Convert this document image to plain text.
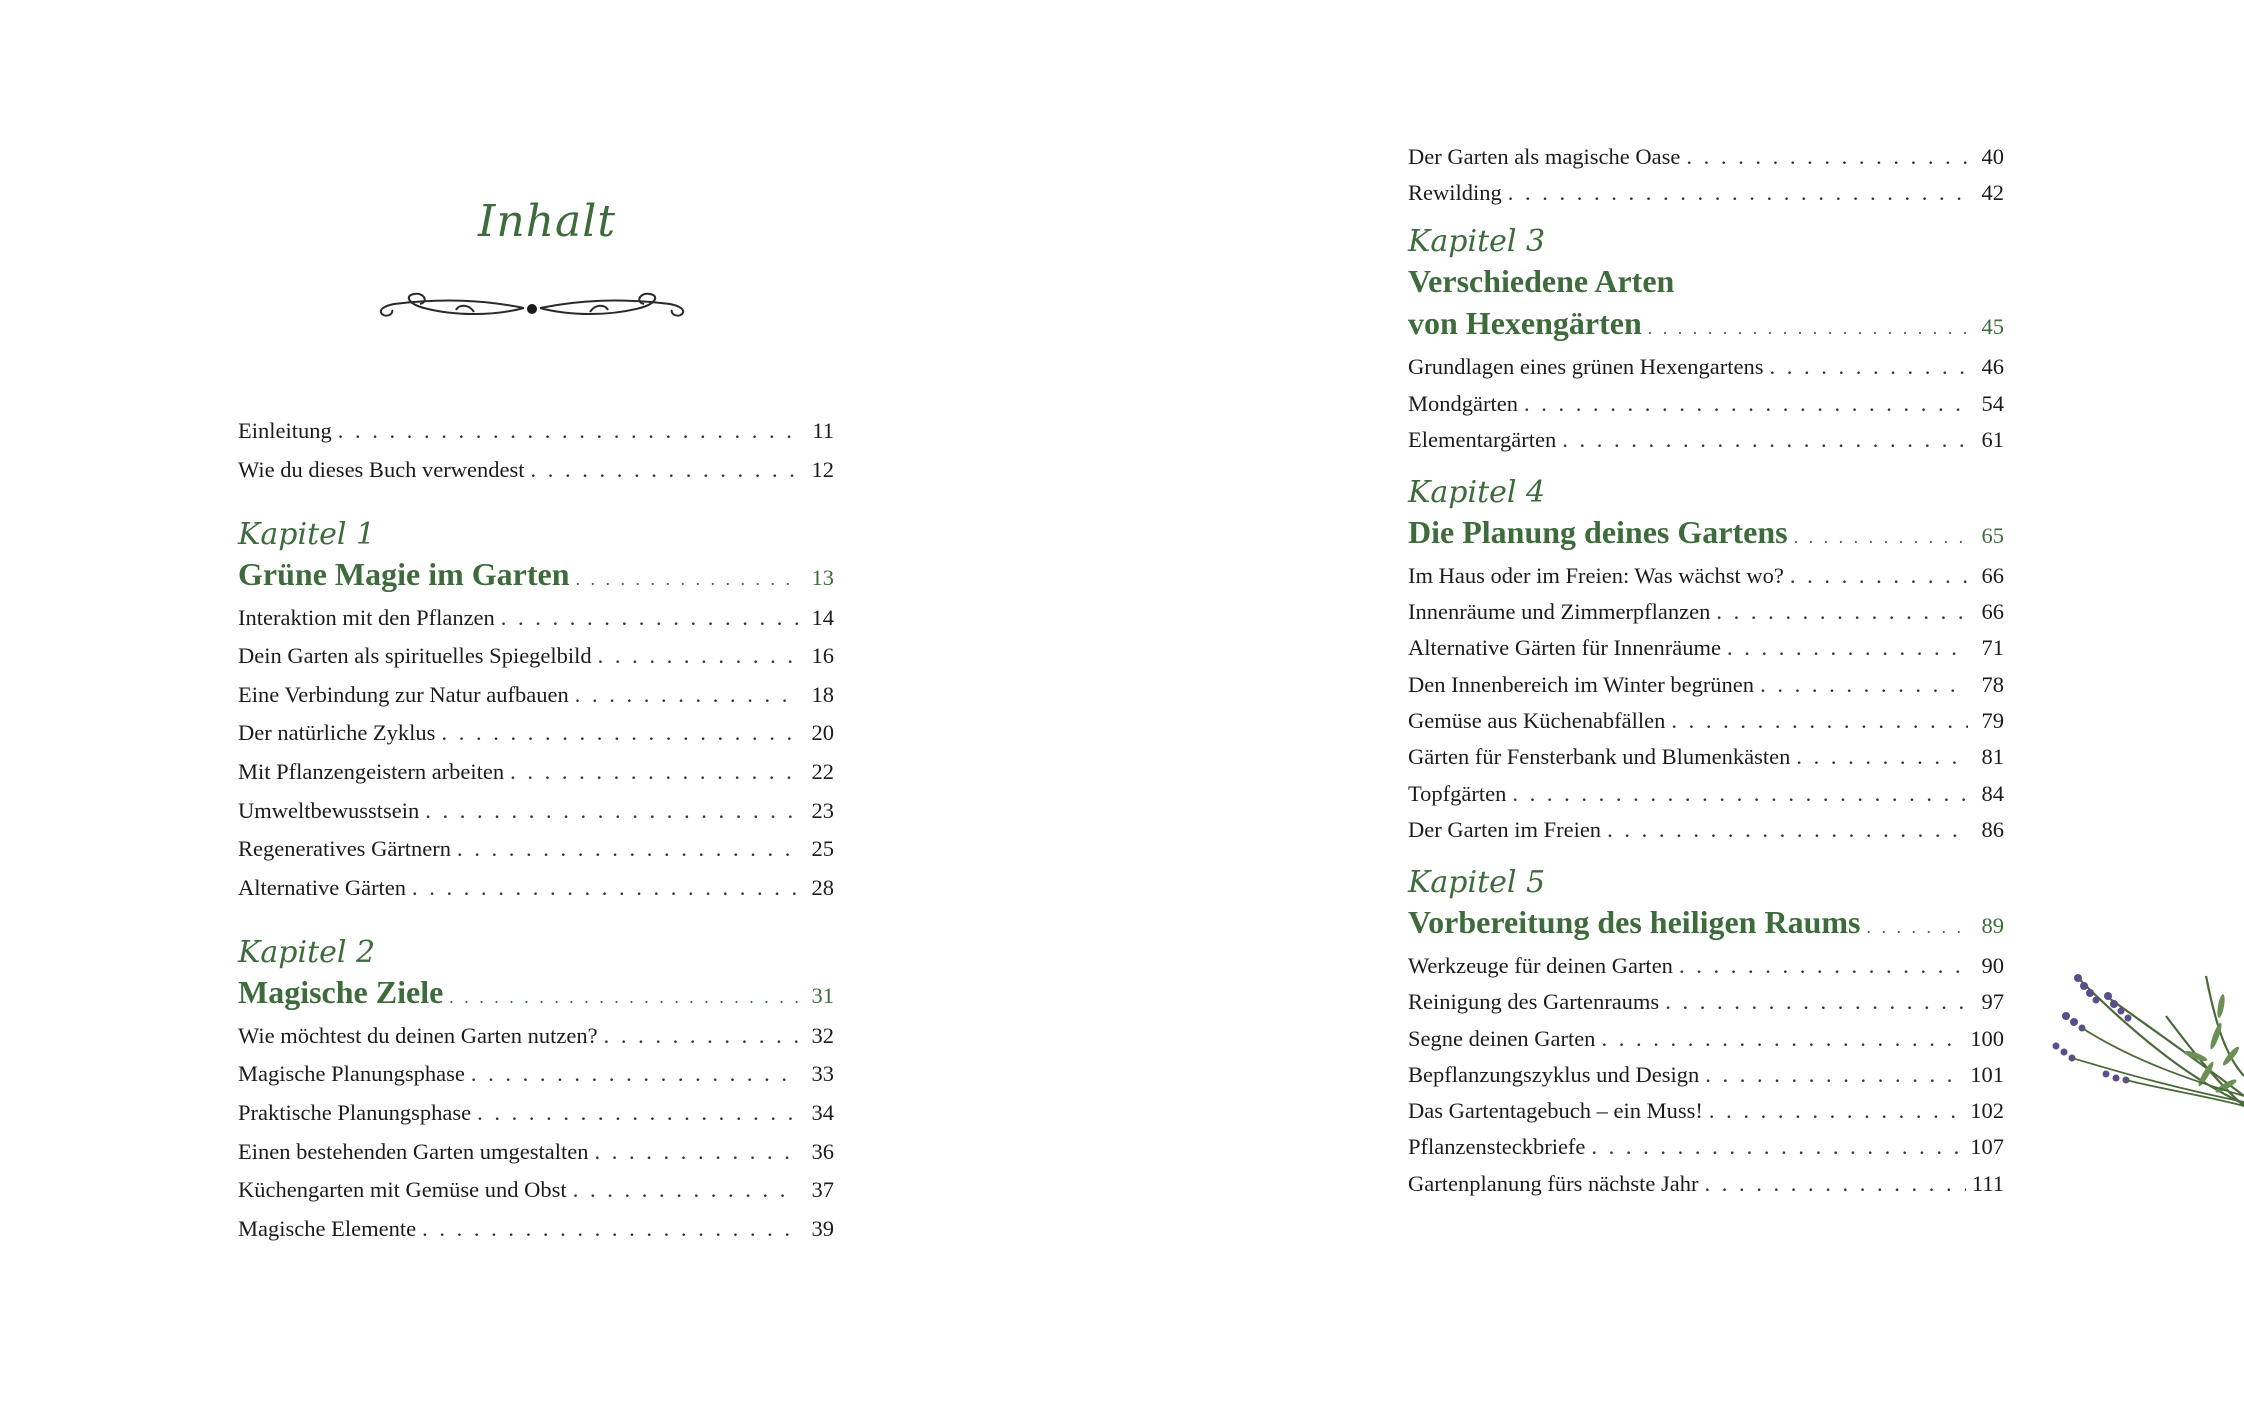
Inhalt
Einleitung . . .	11
Wie du dieses Buch verwendest . . .	12
Kapitel 1
Grüne Magie im Garten . . .	13
Interaktion mit den Pflanzen . . .	14
Dein Garten als spirituelles Spiegelbild . . .	16
Eine Verbindung zur Natur aufbauen . . .	18
Der natürliche Zyklus . . .	20
Mit Pflanzengeistern arbeiten . . .	22
Umweltbewusstsein . . .	23
Regeneratives Gärtnern . . .	25
Alternative Gärten . . .	28
Kapitel 2
Magische Ziele . . .	31
Wie möchtest du deinen Garten nutzen? . . .	32
Magische Planungsphase . . .	33
Praktische Planungsphase . . .	34
Einen bestehenden Garten umgestalten . . .	36
Küchengarten mit Gemüse und Obst . . .	37
Magische Elemente . . .	39
Der Garten als magische Oase . . .	40
Rewilding . . .	42
Kapitel 3
Verschiedene Arten
von Hexengärten . . .	45
Grundlagen eines grünen Hexengartens . . .	46
Mondgärten . . .	54
Elementargärten . . .	61
Kapitel 4
Die Planung deines Gartens . . .	65
Im Haus oder im Freien: Was wächst wo? . . .	66
Innenräume und Zimmerpflanzen . . .	66
Alternative Gärten für Innenräume . . .	71
Den Innenbereich im Winter begrünen . . .	78
Gemüse aus Küchenabfällen . . .	79
Gärten für Fensterbank und Blumenkästen . . .	81
Topfgärten . . .	84
Der Garten im Freien . . .	86
Kapitel 5
Vorbereitung des heiligen Raums . . .	89
Werkzeuge für deinen Garten . . .	90
Reinigung des Gartenraums . . .	97
Segne deinen Garten . . .	100
Bepflanzungszyklus und Design . . .	101
Das Gartentagebuch – ein Muss! . . .	102
Pflanzensteckbriefe . . .	107
Gartenplanung fürs nächste Jahr . . .	111
